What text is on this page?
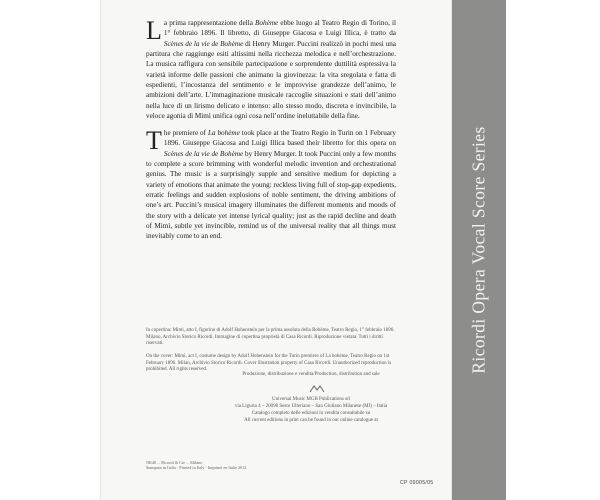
Ricordi Opera Vocal Score Series

La prima rappresentazione della Bohème ebbe luogo al Teatro Regio di Torino, il 1° febbraio 1896. Il libretto, di Giuseppe Giacosa e Luigi Illica, è tratto da Scènes de la vie de Bohème di Henry Murger. Puccini realizzò in pochi mesi una partitura che raggiunge esiti altissimi nella ricchezza melodica e nell’orchestrazione. La musica raffigura con sensibile partecipazione e sorprendente duttilità espressiva la varietà informe delle passioni che animano la giovinezza: la vita sregolata e fatta di espedienti, l’incostanza del sentimento e le improvvise grandezze dell’animo, le ambizioni dell’arte. L’immaginazione musicale raccoglie situazioni e stati dell’animo nella luce di un lirismo delicato e intenso: allo stesso modo, discreta e invincibile, la veloce agonia di Mimì unifica ogni cosa nell’ordine ineluttabile della fine.

The premiere of La bohème took place at the Teatro Regio in Turin on 1 February 1896. Giuseppe Giacosa and Luigi Illica based their libretto for this opera on Scènes de la vie de Bohème by Henry Murger. It took Puccini only a few months to complete a score brimming with wonderful melodic invention and orchestrational genius. The music is a surprisingly supple and sensitive medium for depicting a variety of emotions that animate the young: reckless living full of stop-gap expedients, erratic feelings and sudden explosions of noble sentiment, the driving ambitions of one’s art. Puccini’s musical imagery illuminates the different moments and moods of the story with a delicate yet intense lyrical quality; just as the rapid decline and death of Mimì, subtle yet invincible, remind us of the universal reality that all things must inevitably come to an end.

In copertina: Mimì, atto I, figurino di Adolf Hohenstein per la prima assoluta della Bohème, Teatro Regio, 1° febbraio 1896. Milano, Archivio Storico Ricordi. Immagine di copertina proprietà di Casa Ricordi. Riproduzione vietata. Tutti i diritti riservati.

On the cover: Mimì, act I, costume design by Adolf Hohenstein for the Turin premiere of La bohème, Teatro Regio on 1st February 1896. Milan, Archivio Storico Ricordi. Cover illustration property of Casa Ricordi. Unauthorized reproduction is prohibited. All rights reserved.

Produzione, distribuzione e vendita/Production, distribution and sale

Universal Music MGB Publications srl

via Liguria 4 – 20098 Sesto Ulteriano – San Giuliano Milanese (MI) – Italia

Catalogo completo delle edizioni in vendita consultabile su

All current editions in print can be found in our online catalogue at

NR40 ... Ricordi & Cie ... Milano
Stampato in Italia · Printed in Italy · Imprimé en Italie 2012
CP 09005/05
